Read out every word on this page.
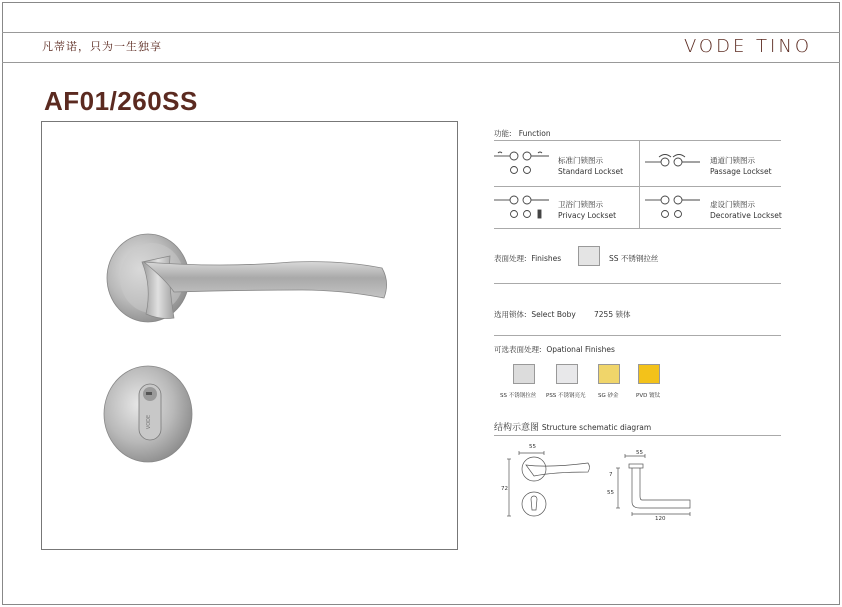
凡蒂诺，只为一生独享	VODE TINO
AF01/260SS
VODE
功能: Function
标准门锁图示
Standard Lockset
通道门锁图示
Passage Lockset
卫浴门锁图示
Privacy Lockset
虚设门锁图示
Decorative Lockset
表面处理: Finishes	SS 不锈钢拉丝
选用锁体: Select Boby 7255 锁体
可选表面处理: Opational Finishes
SS 不锈钢拉丝 PSS 不锈钢亮光 SG 砂金	PVD 镀钛
结构示意图 Structure schematic diagram
55
72
55
7
55
120
